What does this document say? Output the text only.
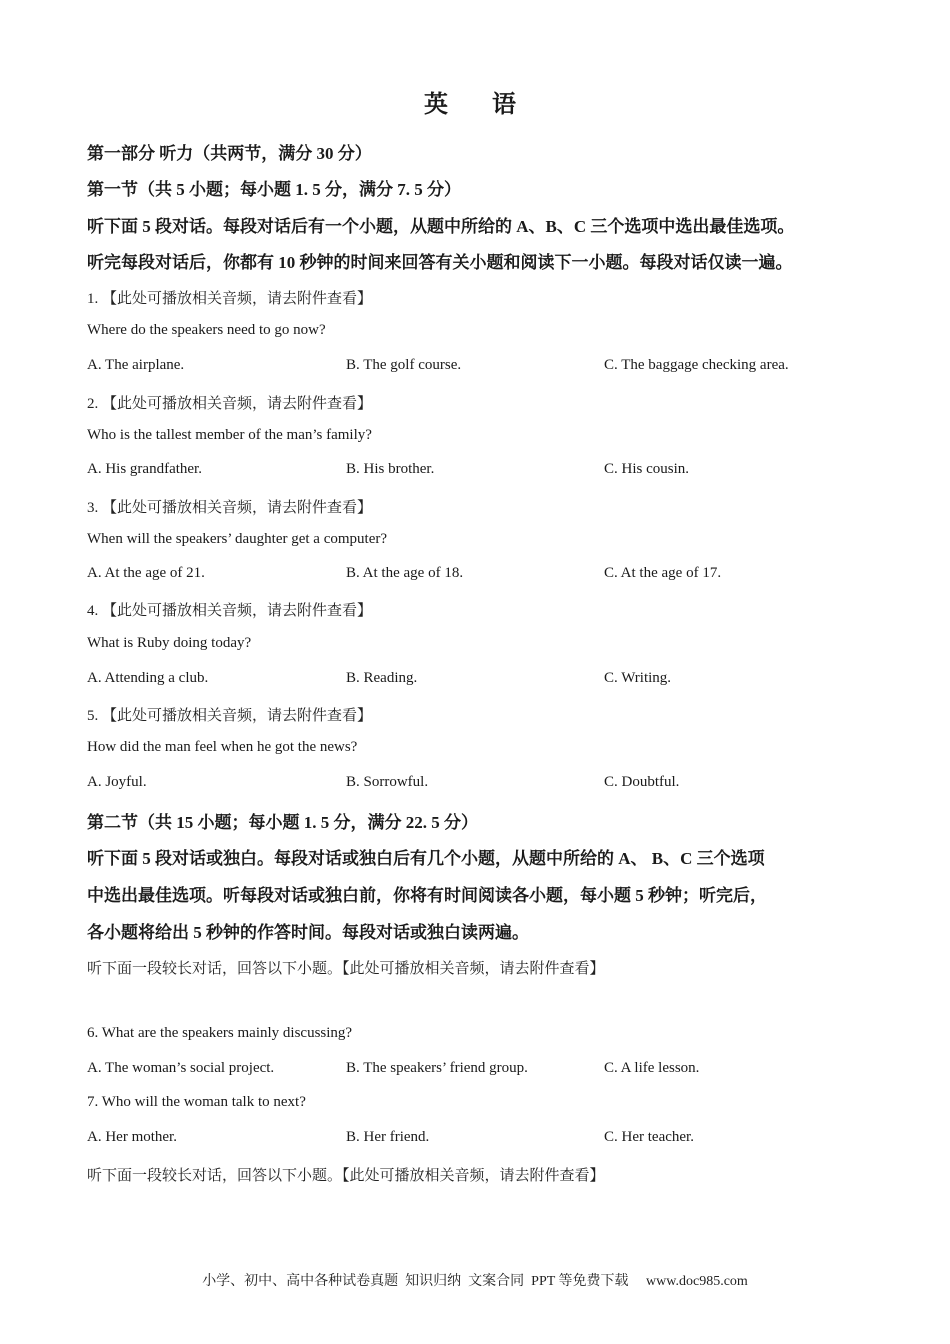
英　语
第一部分 听力（共两节，满分 30 分）
第一节（共 5 小题；每小题 1. 5 分，满分 7. 5 分）
听下面 5 段对话。每段对话后有一个小题，从题中所给的 A、B、C 三个选项中选出最佳选项。
听完每段对话后，你都有 10 秒钟的时间来回答有关小题和阅读下一小题。每段对话仅读一遍。
1. 【此处可播放相关音频，请去附件查看】
Where do the speakers need to go now?
A. The airplane.	B. The golf course.	C. The baggage checking area.
2. 【此处可播放相关音频，请去附件查看】
Who is the tallest member of the man’s family?
A. His grandfather.	B. His brother.	C. His cousin.
3. 【此处可播放相关音频，请去附件查看】
When will the speakers’ daughter get a computer?
A. At the age of 21.	B. At the age of 18.	C. At the age of 17.
4. 【此处可播放相关音频，请去附件查看】
What is Ruby doing today?
A. Attending a club.	B. Reading.	C. Writing.
5. 【此处可播放相关音频，请去附件查看】
How did the man feel when he got the news?
A. Joyful.	B. Sorrowful.	C. Doubtful.
第二节（共 15 小题；每小题 1. 5 分，满分 22. 5 分）
听下面 5 段对话或独白。每段对话或独白后有几个小题，从题中所给的 A、 B、C 三个选项
中选出最佳选项。听每段对话或独白前，你将有时间阅读各小题，每小题 5 秒钟；听完后，
各小题将给出 5 秒钟的作答时间。每段对话或独白读两遍。
听下面一段较长对话，回答以下小题。【此处可播放相关音频，请去附件查看】
6. What are the speakers mainly discussing?
A. The woman’s social project.	B. The speakers’ friend group.	C. A life lesson.
7. Who will the woman talk to next?
A. Her mother.	B. Her friend.	C. Her teacher.
听下面一段较长对话，回答以下小题。【此处可播放相关音频，请去附件查看】
小学、初中、高中各种试卷真题  知识归纳  文案合同  PPT 等免费下载     www.doc985.com
